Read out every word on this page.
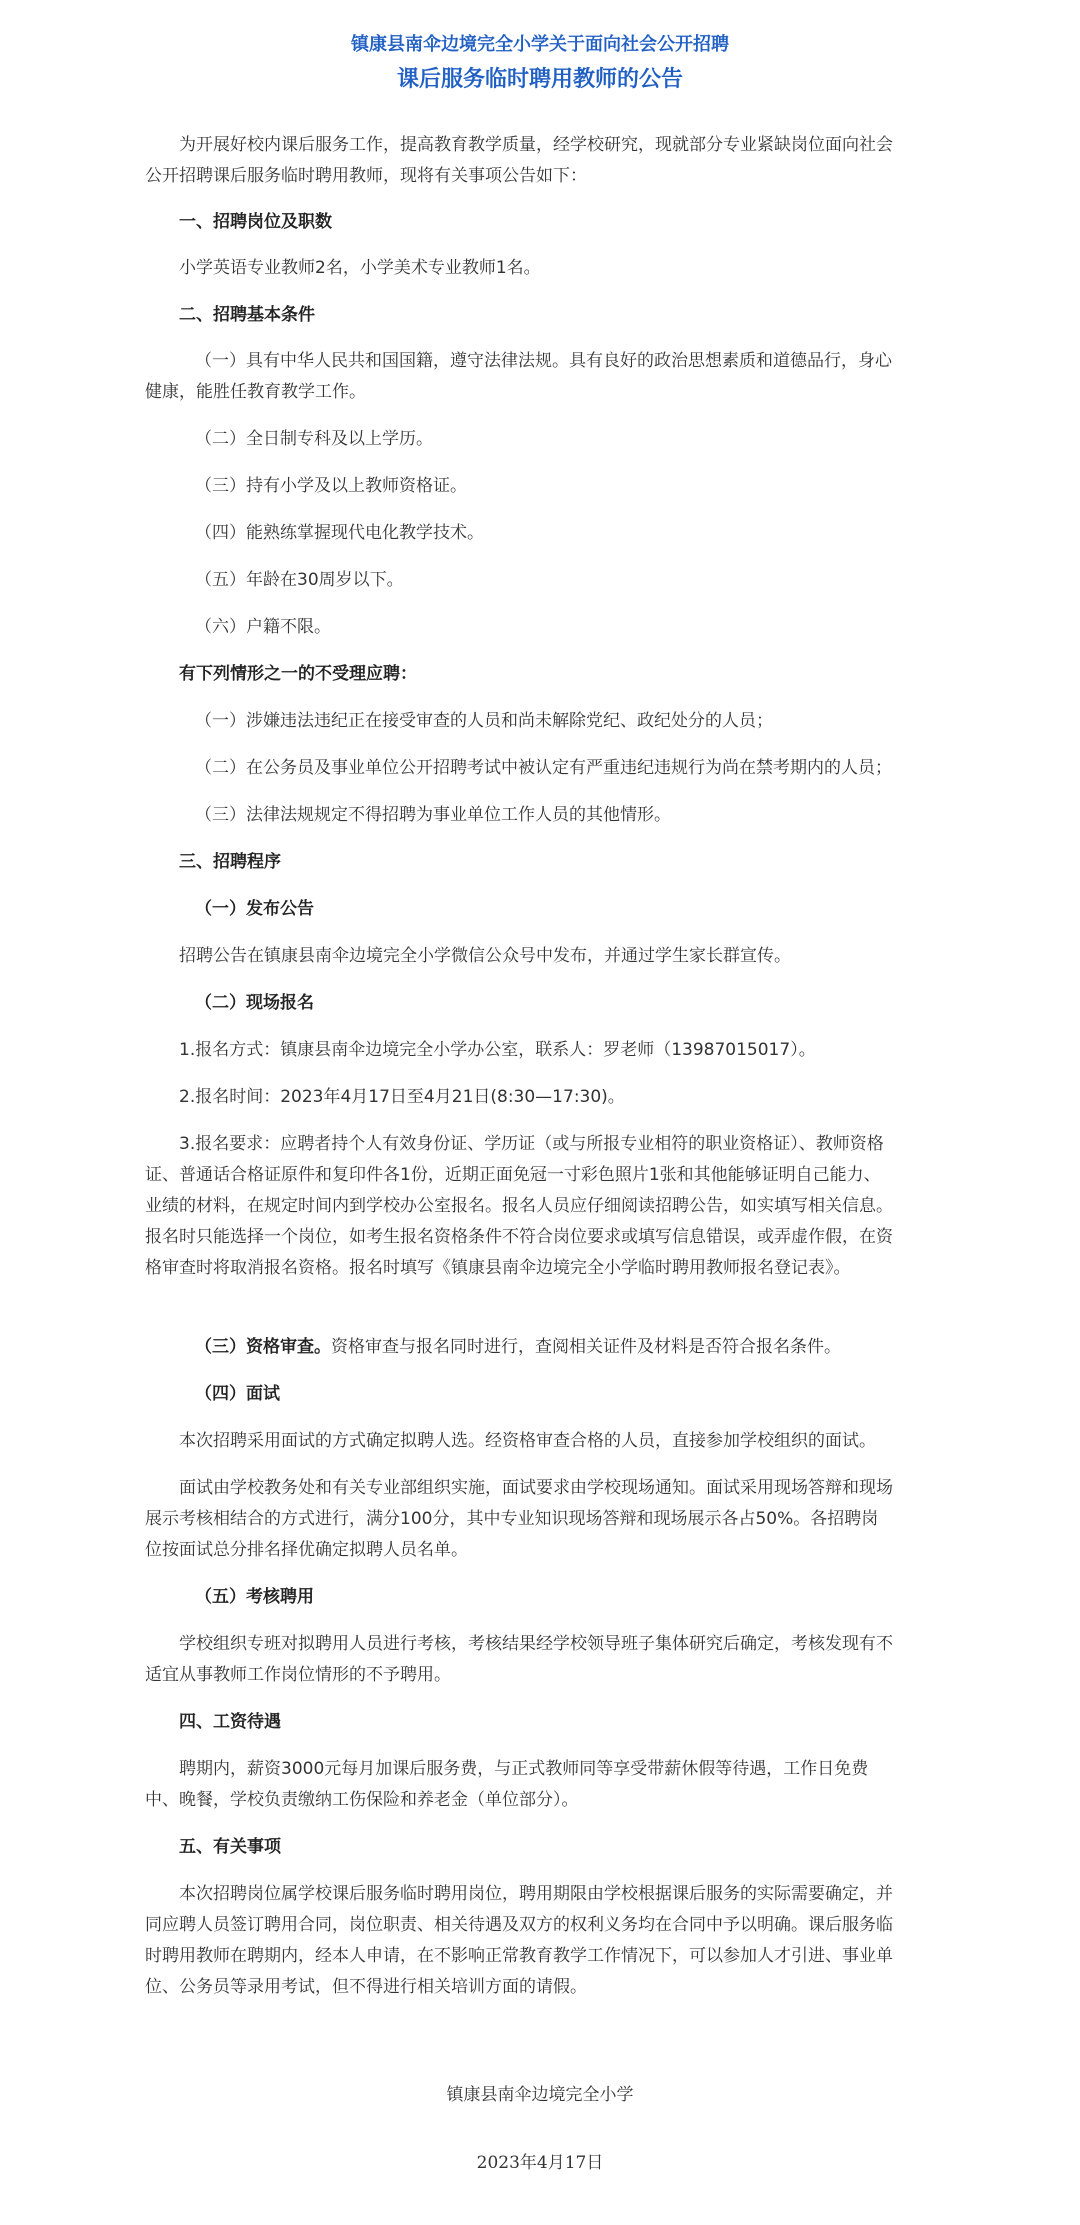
镇康县南伞边境完全小学关于面向社会公开招聘
课后服务临时聘用教师的公告

为开展好校内课后服务工作，提高教育教学质量，经学校研究，现就部分专业紧缺岗位面向社会公开招聘课后服务临时聘用教师，现将有关事项公告如下：

一、招聘岗位及职数

小学英语专业教师2名，小学美术专业教师1名。

二、招聘基本条件

（一）具有中华人民共和国国籍，遵守法律法规。具有良好的政治思想素质和道德品行，身心健康，能胜任教育教学工作。

（二）全日制专科及以上学历。

（三）持有小学及以上教师资格证。

（四）能熟练掌握现代电化教学技术。

（五）年龄在30周岁以下。

（六）户籍不限。

有下列情形之一的不受理应聘：

（一）涉嫌违法违纪正在接受审查的人员和尚未解除党纪、政纪处分的人员；

（二）在公务员及事业单位公开招聘考试中被认定有严重违纪违规行为尚在禁考期内的人员；

（三）法律法规规定不得招聘为事业单位工作人员的其他情形。

三、招聘程序

（一）发布公告

招聘公告在镇康县南伞边境完全小学微信公众号中发布，并通过学生家长群宣传。

（二）现场报名

1.报名方式：镇康县南伞边境完全小学办公室，联系人：罗老师（13987015017）。

2.报名时间：2023年4月17日至4月21日(8:30—17:30)。

3.报名要求：应聘者持个人有效身份证、学历证（或与所报专业相符的职业资格证）、教师资格证、普通话合格证原件和复印件各1份，近期正面免冠一寸彩色照片1张和其他能够证明自己能力、业绩的材料，在规定时间内到学校办公室报名。报名人员应仔细阅读招聘公告，如实填写相关信息。报名时只能选择一个岗位，如考生报名资格条件不符合岗位要求或填写信息错误，或弄虚作假，在资格审查时将取消报名资格。报名时填写《镇康县南伞边境完全小学临时聘用教师报名登记表》。

（三）资格审查。资格审查与报名同时进行，查阅相关证件及材料是否符合报名条件。

（四）面试

本次招聘采用面试的方式确定拟聘人选。经资格审查合格的人员，直接参加学校组织的面试。

面试由学校教务处和有关专业部组织实施，面试要求由学校现场通知。面试采用现场答辩和现场展示考核相结合的方式进行，满分100分，其中专业知识现场答辩和现场展示各占50%。各招聘岗位按面试总分排名择优确定拟聘人员名单。

（五）考核聘用

学校组织专班对拟聘用人员进行考核，考核结果经学校领导班子集体研究后确定，考核发现有不适宜从事教师工作岗位情形的不予聘用。

四、工资待遇

聘期内，薪资3000元每月加课后服务费，与正式教师同等享受带薪休假等待遇，工作日免费中、晚餐，学校负责缴纳工伤保险和养老金（单位部分）。

五、有关事项

本次招聘岗位属学校课后服务临时聘用岗位，聘用期限由学校根据课后服务的实际需要确定，并同应聘人员签订聘用合同，岗位职责、相关待遇及双方的权利义务均在合同中予以明确。课后服务临时聘用教师在聘期内，经本人申请，在不影响正常教育教学工作情况下，可以参加人才引进、事业单位、公务员等录用考试，但不得进行相关培训方面的请假。

镇康县南伞边境完全小学
2023年4月17日
